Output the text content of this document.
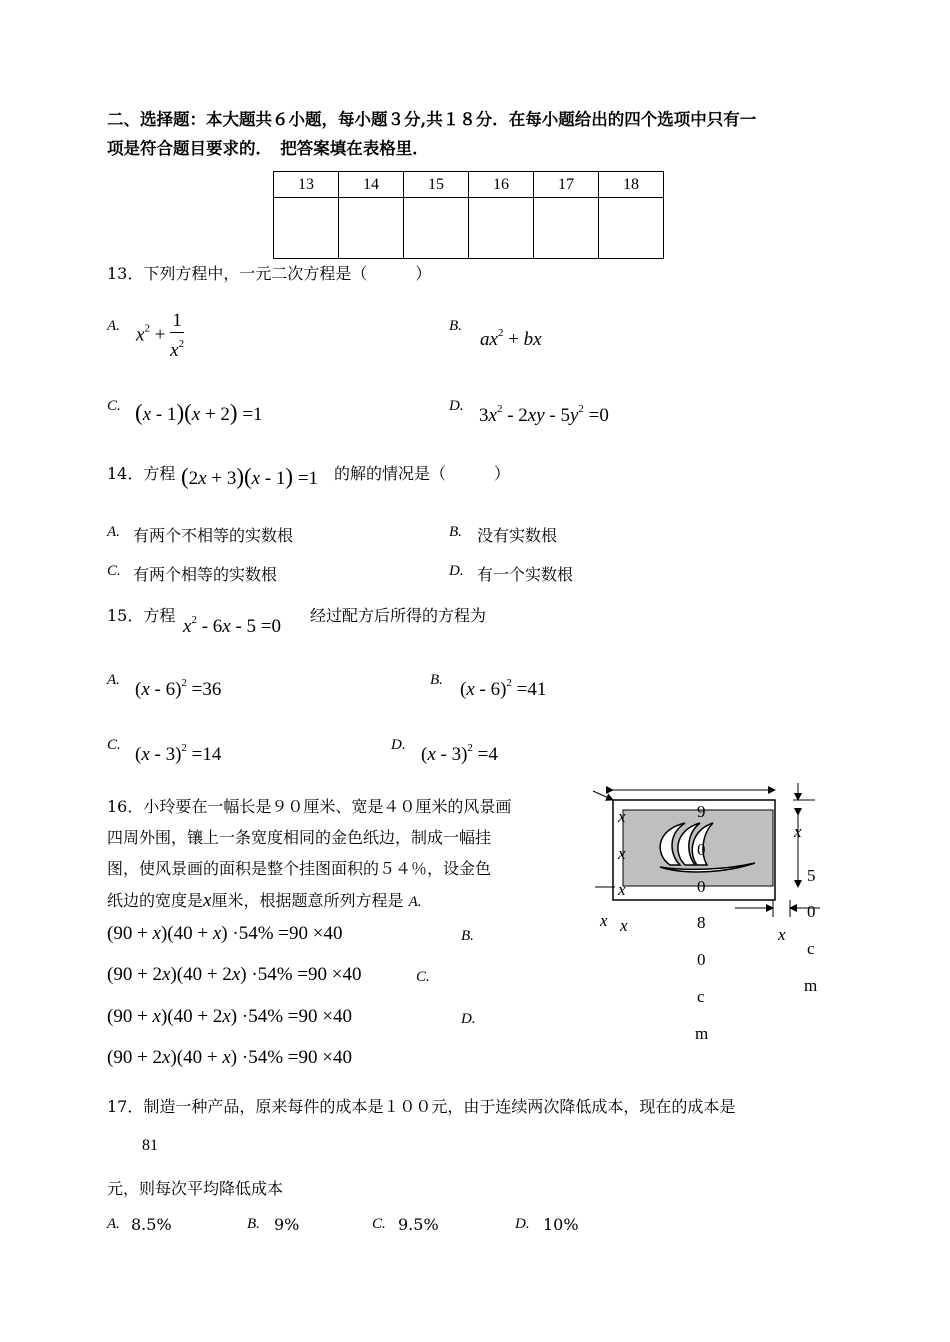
二、选择题：本大题共６小题，每小题３分,共１８分．在每小题给出的四个选项中只有一
项是符合题目要求的．　把答案填在表格里．
13	14	15	16	17	18

13．下列方程中，一元二次方程是（　　　）
A. $x^2 + \frac{1}{x^2}$	B.
$ax^2$ + bx
C. (x - 1)(x + 2) =1	D. $3x^2 - 2xy - 5y^2 =0$
14．方程 (2x + 3)(x - 1) =1 的解的情况是（　　　）
A. 有两个不相等的实数根	B. 没有实数根
C. 有两个相等的实数根	D. 有一个实数根
15．方程
$x^2 - 6x - 5 =0$
经过配方后所得的方程为
A. (x - 6)$^2$ =36	B. (x - 6)$^2$ =41
C. (x - 3)$^2$ =14	D. (x - 3)$^2$ =4
16．小玲要在一幅长是９０厘米、宽是４０厘米的风景画
四周外围，镶上一条宽度相同的金色纸边，制成一幅挂
图，使风景画的面积是整个挂图面积的５４％，设金色
纸边的宽度是x厘米，根据题意所列方程是 A.
(90 + x)(40 + x) ·54% =90 ×40	B.
(90 + 2x)(40 + 2x) ·54% =90 ×40	C.
(90 + x)(40 + 2x) ·54% =90 ×40	D.
(90 + 2x)(40 + x) ·54% =90 ×40
x
x
x
x
x x	x
9
0
0
8
0
c
m
5
0
c
m
17．制造一种产品，原来每件的成本是１００元，由于连续两次降低成本，现在的成本是
81
元，则每次平均降低成本
A. 8.5%	B. 9%	C. 9.5%	D. 10%
